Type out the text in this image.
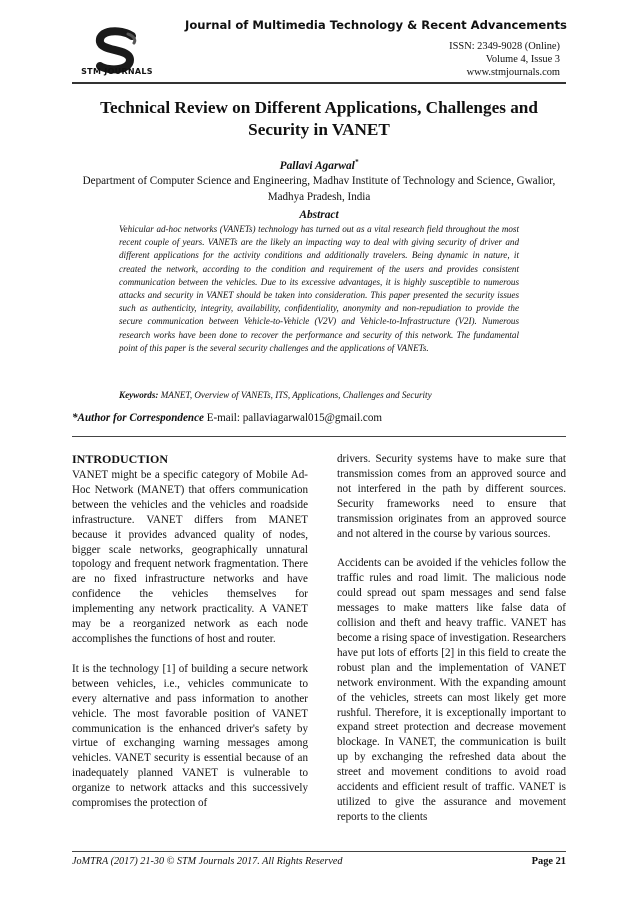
STM JOURNALS
Journal of Multimedia Technology & Recent Advancements
ISSN: 2349-9028 (Online)
Volume 4, Issue 3
www.stmjournals.com
Technical Review on Different Applications, Challenges and Security in VANET
Pallavi Agarwal*
Department of Computer Science and Engineering, Madhav Institute of Technology and Science, Gwalior, Madhya Pradesh, India
Abstract
Vehicular ad-hoc networks (VANETs) technology has turned out as a vital research field throughout the most recent couple of years. VANETs are the likely an impacting way to deal with giving security of driver and different applications for the activity conditions and additionally travelers. Being dynamic in nature, it created the network, according to the condition and requirement of the users and provides consistent communication between the vehicles. Due to its excessive advantages, it is highly susceptible to numerous attacks and security in VANET should be taken into consideration. This paper presented the security issues such as authenticity, integrity, availability, confidentiality, anonymity and non-repudiation to provide the secure communication between Vehicle-to-Vehicle (V2V) and Vehicle-to-Infrastructure (V2I). Numerous research works have been done to recover the performance and security of this network. The fundamental point of this paper is the several security challenges and the applications of VANETs.
Keywords: MANET, Overview of VANETs, ITS, Applications, Challenges and Security
*Author for Correspondence E-mail: pallaviagarwal015@gmail.com
INTRODUCTION

VANET might be a specific category of Mobile Ad-Hoc Network (MANET) that offers communication between the vehicles and the vehicles and roadside infrastructure. VANET differs from MANET because it provides advanced quality of nodes, bigger scale networks, geographically unnatural topology and frequent network fragmentation. There are no fixed infrastructure networks and have confidence the vehicles themselves for implementing any network practicality. A VANET may be a reorganized network as each node accomplishes the functions of host and router.

It is the technology [1] of building a secure network between vehicles, i.e., vehicles communicate to every alternative and pass information to another vehicle. The most favorable position of VANET communication is the enhanced driver's safety by virtue of exchanging warning messages among vehicles. VANET security is essential because of an inadequately planned VANET is vulnerable to organize to network attacks and this successively compromises the protection of

drivers. Security systems have to make sure that transmission comes from an approved source and not interfered in the path by different sources. Security frameworks need to ensure that transmission originates from an approved source and not altered in the course by various sources.

Accidents can be avoided if the vehicles follow the traffic rules and road limit. The malicious node could spread out spam messages and send false messages to make matters like false data of collision and theft and heavy traffic. VANET has become a rising space of investigation. Researchers have put lots of efforts [2] in this field to create the robust plan and the implementation of VANET network environment. With the expanding amount of the vehicles, streets can most likely get more rushful. Therefore, it is exceptionally important to expand street protection and decrease movement blockage. In VANET, the communication is built up by exchanging the refreshed data about the street and movement conditions to avoid road accidents and efficient result of traffic. VANET is utilized to give the assurance and movement reports to the clients

JoMTRA (2017) 21-30 © STM Journals 2017. All Rights Reserved	Page 21
